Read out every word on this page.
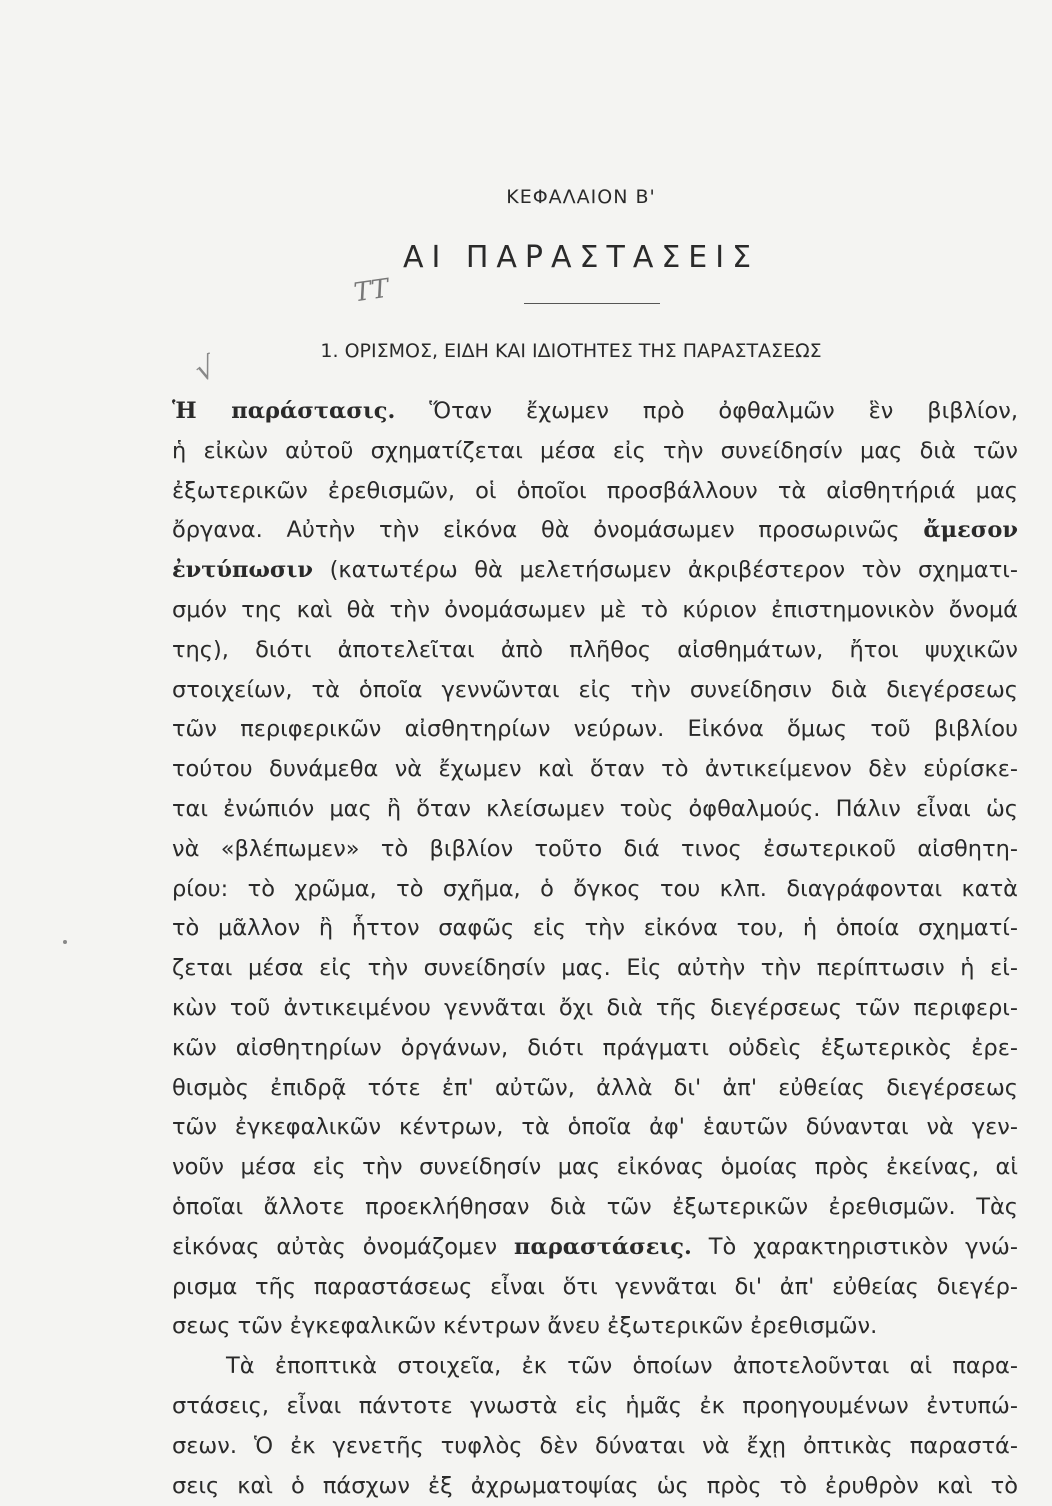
ΚΕΦΑΛΑΙΟΝ Β'
ΑΙ ΠΑΡΑΣΤΑΣΕΙΣ
ΤΤ
√	1. ΟΡΙΣΜΟΣ, ΕΙΔΗ ΚΑΙ ΙΔΙΟΤΗΤΕΣ ΤΗΣ ΠΑΡΑΣΤΑΣΕΩΣ
Ἡ παράστασις. Ὅταν ἔχωμεν πρὸ ὀφθαλμῶν ἓν βιβλίον,
ἡ εἰκὼν αὐτοῦ σχηματίζεται μέσα εἰς τὴν συνείδησίν μας διὰ τῶν
ἐξωτερικῶν ἐρεθισμῶν, οἱ ὁποῖοι προσβάλλουν τὰ αἰσθητήριά μας
ὄργανα. Αὐτὴν τὴν εἰκόνα θὰ ὀνομάσωμεν προσωρινῶς ἄμεσον
ἐντύπωσιν (κατωτέρω θὰ μελετήσωμεν ἀκριβέστερον τὸν σχηματι-
σμόν της καὶ θὰ τὴν ὀνομάσωμεν μὲ τὸ κύριον ἐπιστημονικὸν ὄνομά
της), διότι ἀποτελεῖται ἀπὸ πλῆθος αἰσθημάτων, ἤτοι ψυχικῶν
στοιχείων, τὰ ὁποῖα γεννῶνται εἰς τὴν συνείδησιν διὰ διεγέρσεως
τῶν περιφερικῶν αἰσθητηρίων νεύρων. Εἰκόνα ὅμως τοῦ βιβλίου
τούτου δυνάμεθα νὰ ἔχωμεν καὶ ὅταν τὸ ἀντικείμενον δὲν εὑρίσκε-
ται ἐνώπιόν μας ἢ ὅταν κλείσωμεν τοὺς ὀφθαλμούς. Πάλιν εἶναι ὡς
νὰ «βλέπωμεν» τὸ βιβλίον τοῦτο διά τινος ἐσωτερικοῦ αἰσθητη-
ρίου: τὸ χρῶμα, τὸ σχῆμα, ὁ ὄγκος του κλπ. διαγράφονται κατὰ
τὸ μᾶλλον ἢ ἧττον σαφῶς εἰς τὴν εἰκόνα του, ἡ ὁποία σχηματί-
ζεται μέσα εἰς τὴν συνείδησίν μας. Εἰς αὐτὴν τὴν περίπτωσιν ἡ εἰ-
κὼν τοῦ ἀντικειμένου γεννᾶται ὄχι διὰ τῆς διεγέρσεως τῶν περιφερι-
κῶν αἰσθητηρίων ὀργάνων, διότι πράγματι οὐδεὶς ἐξωτερικὸς ἐρε-
θισμὸς ἐπιδρᾷ τότε ἐπ' αὐτῶν, ἀλλὰ δι' ἀπ' εὐθείας διεγέρσεως
τῶν ἐγκεφαλικῶν κέντρων, τὰ ὁποῖα ἀφ' ἑαυτῶν δύνανται νὰ γεν-
νοῦν μέσα εἰς τὴν συνείδησίν μας εἰκόνας ὁμοίας πρὸς ἐκείνας, αἱ
ὁποῖαι ἄλλοτε προεκλήθησαν διὰ τῶν ἐξωτερικῶν ἐρεθισμῶν. Τὰς
εἰκόνας αὐτὰς ὀνομάζομεν παραστάσεις. Τὸ χαρακτηριστικὸν γνώ-
ρισμα τῆς παραστάσεως εἶναι ὅτι γεννᾶται δι' ἀπ' εὐθείας διεγέρ-
σεως τῶν ἐγκεφαλικῶν κέντρων ἄνευ ἐξωτερικῶν ἐρεθισμῶν.
Τὰ ἐποπτικὰ στοιχεῖα, ἐκ τῶν ὁποίων ἀποτελοῦνται αἱ παρα-
στάσεις, εἶναι πάντοτε γνωστὰ εἰς ἡμᾶς ἐκ προηγουμένων ἐντυπώ-
σεων. Ὁ ἐκ γενετῆς τυφλὸς δὲν δύναται νὰ ἔχῃ ὀπτικὰς παραστά-
σεις καὶ ὁ πάσχων ἐξ ἀχρωματοψίας ὡς πρὸς τὸ ἐρυθρὸν καὶ τὸ
